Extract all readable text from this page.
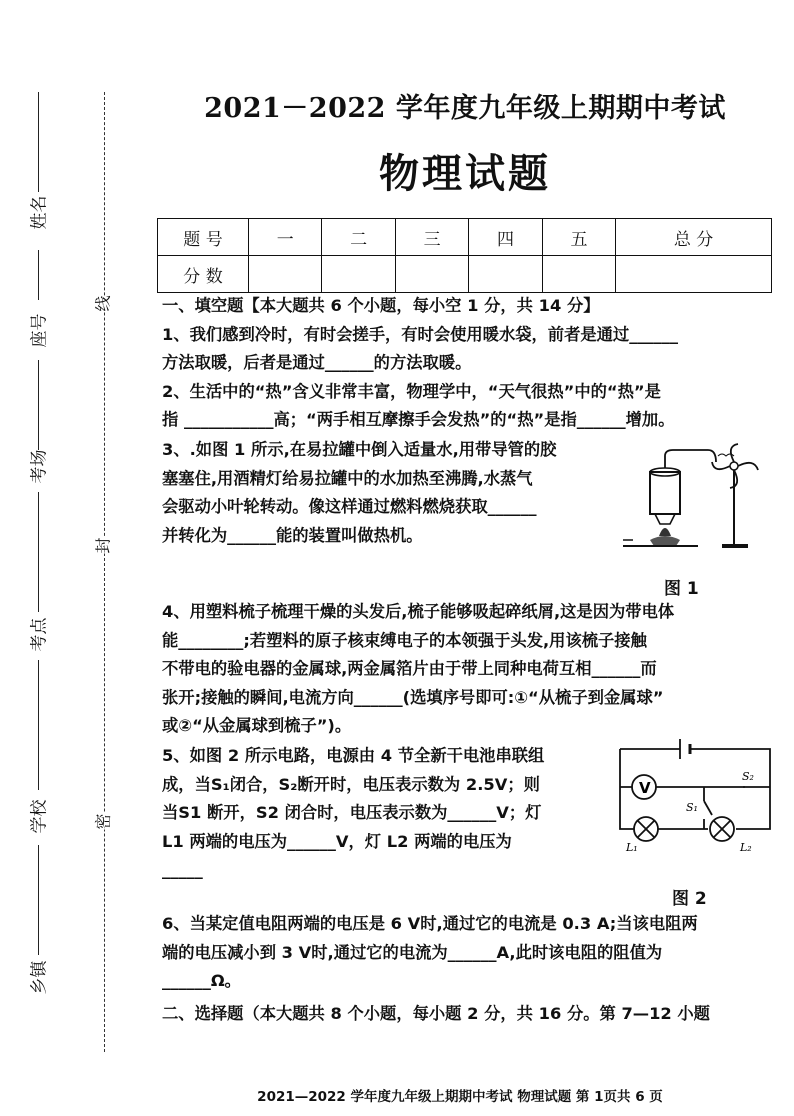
姓名
座号
考场
考点
学校
乡镇
线
封
密
2021－2022 学年度九年级上期期中考试
物理试题
题 号	一	二	三	四	五	总 分
分 数						

一、填空题【本大题共 6 个小题，每小空 1 分，共 14 分】

1、我们感到冷时，有时会搓手，有时会使用暖水袋，前者是通过______

方法取暖，后者是通过______的方法取暖。

2、生活中的“热”含义非常丰富，物理学中，“天气很热”中的“热”是

指 ___________高；“两手相互摩擦手会发热”的“热”是指______增加。

3、.如图 1 所示,在易拉罐中倒入适量水,用带导管的胶

塞塞住,用酒精灯给易拉罐中的水加热至沸腾,水蒸气

会驱动小叶轮转动。像这样通过燃料燃烧获取______

并转化为______能的装置叫做热机。

图 1

4、用塑料梳子梳理干燥的头发后,梳子能够吸起碎纸屑,这是因为带电体

能________;若塑料的原子核束缚电子的本领强于头发,用该梳子接触

不带电的验电器的金属球,两金属箔片由于带上同种电荷互相______而

张开;接触的瞬间,电流方向______(选填序号即可:①“从梳子到金属球”

或②“从金属球到梳子”)。

5、如图 2 所示电路，电源由 4 节全新干电池串联组

成，当S₁闭合，S₂断开时，电压表示数为 2.5V；则

当S1 断开，S2 闭合时，电压表示数为______V；灯

L1 两端的电压为______V，灯 L2 两端的电压为

_____

V
S₂
S₁
L₁	L₂
图 2

6、当某定值电阻两端的电压是 6 V时,通过它的电流是 0.3 A;当该电阻两

端的电压减小到 3 V时,通过它的电流为______A,此时该电阻的阻值为

______Ω。

二、选择题（本大题共 8 个小题，每小题 2 分，共 16 分。第 7—12 小题

2021—2022 学年度九年级上期期中考试 物理试题 第 1页共 6 页
